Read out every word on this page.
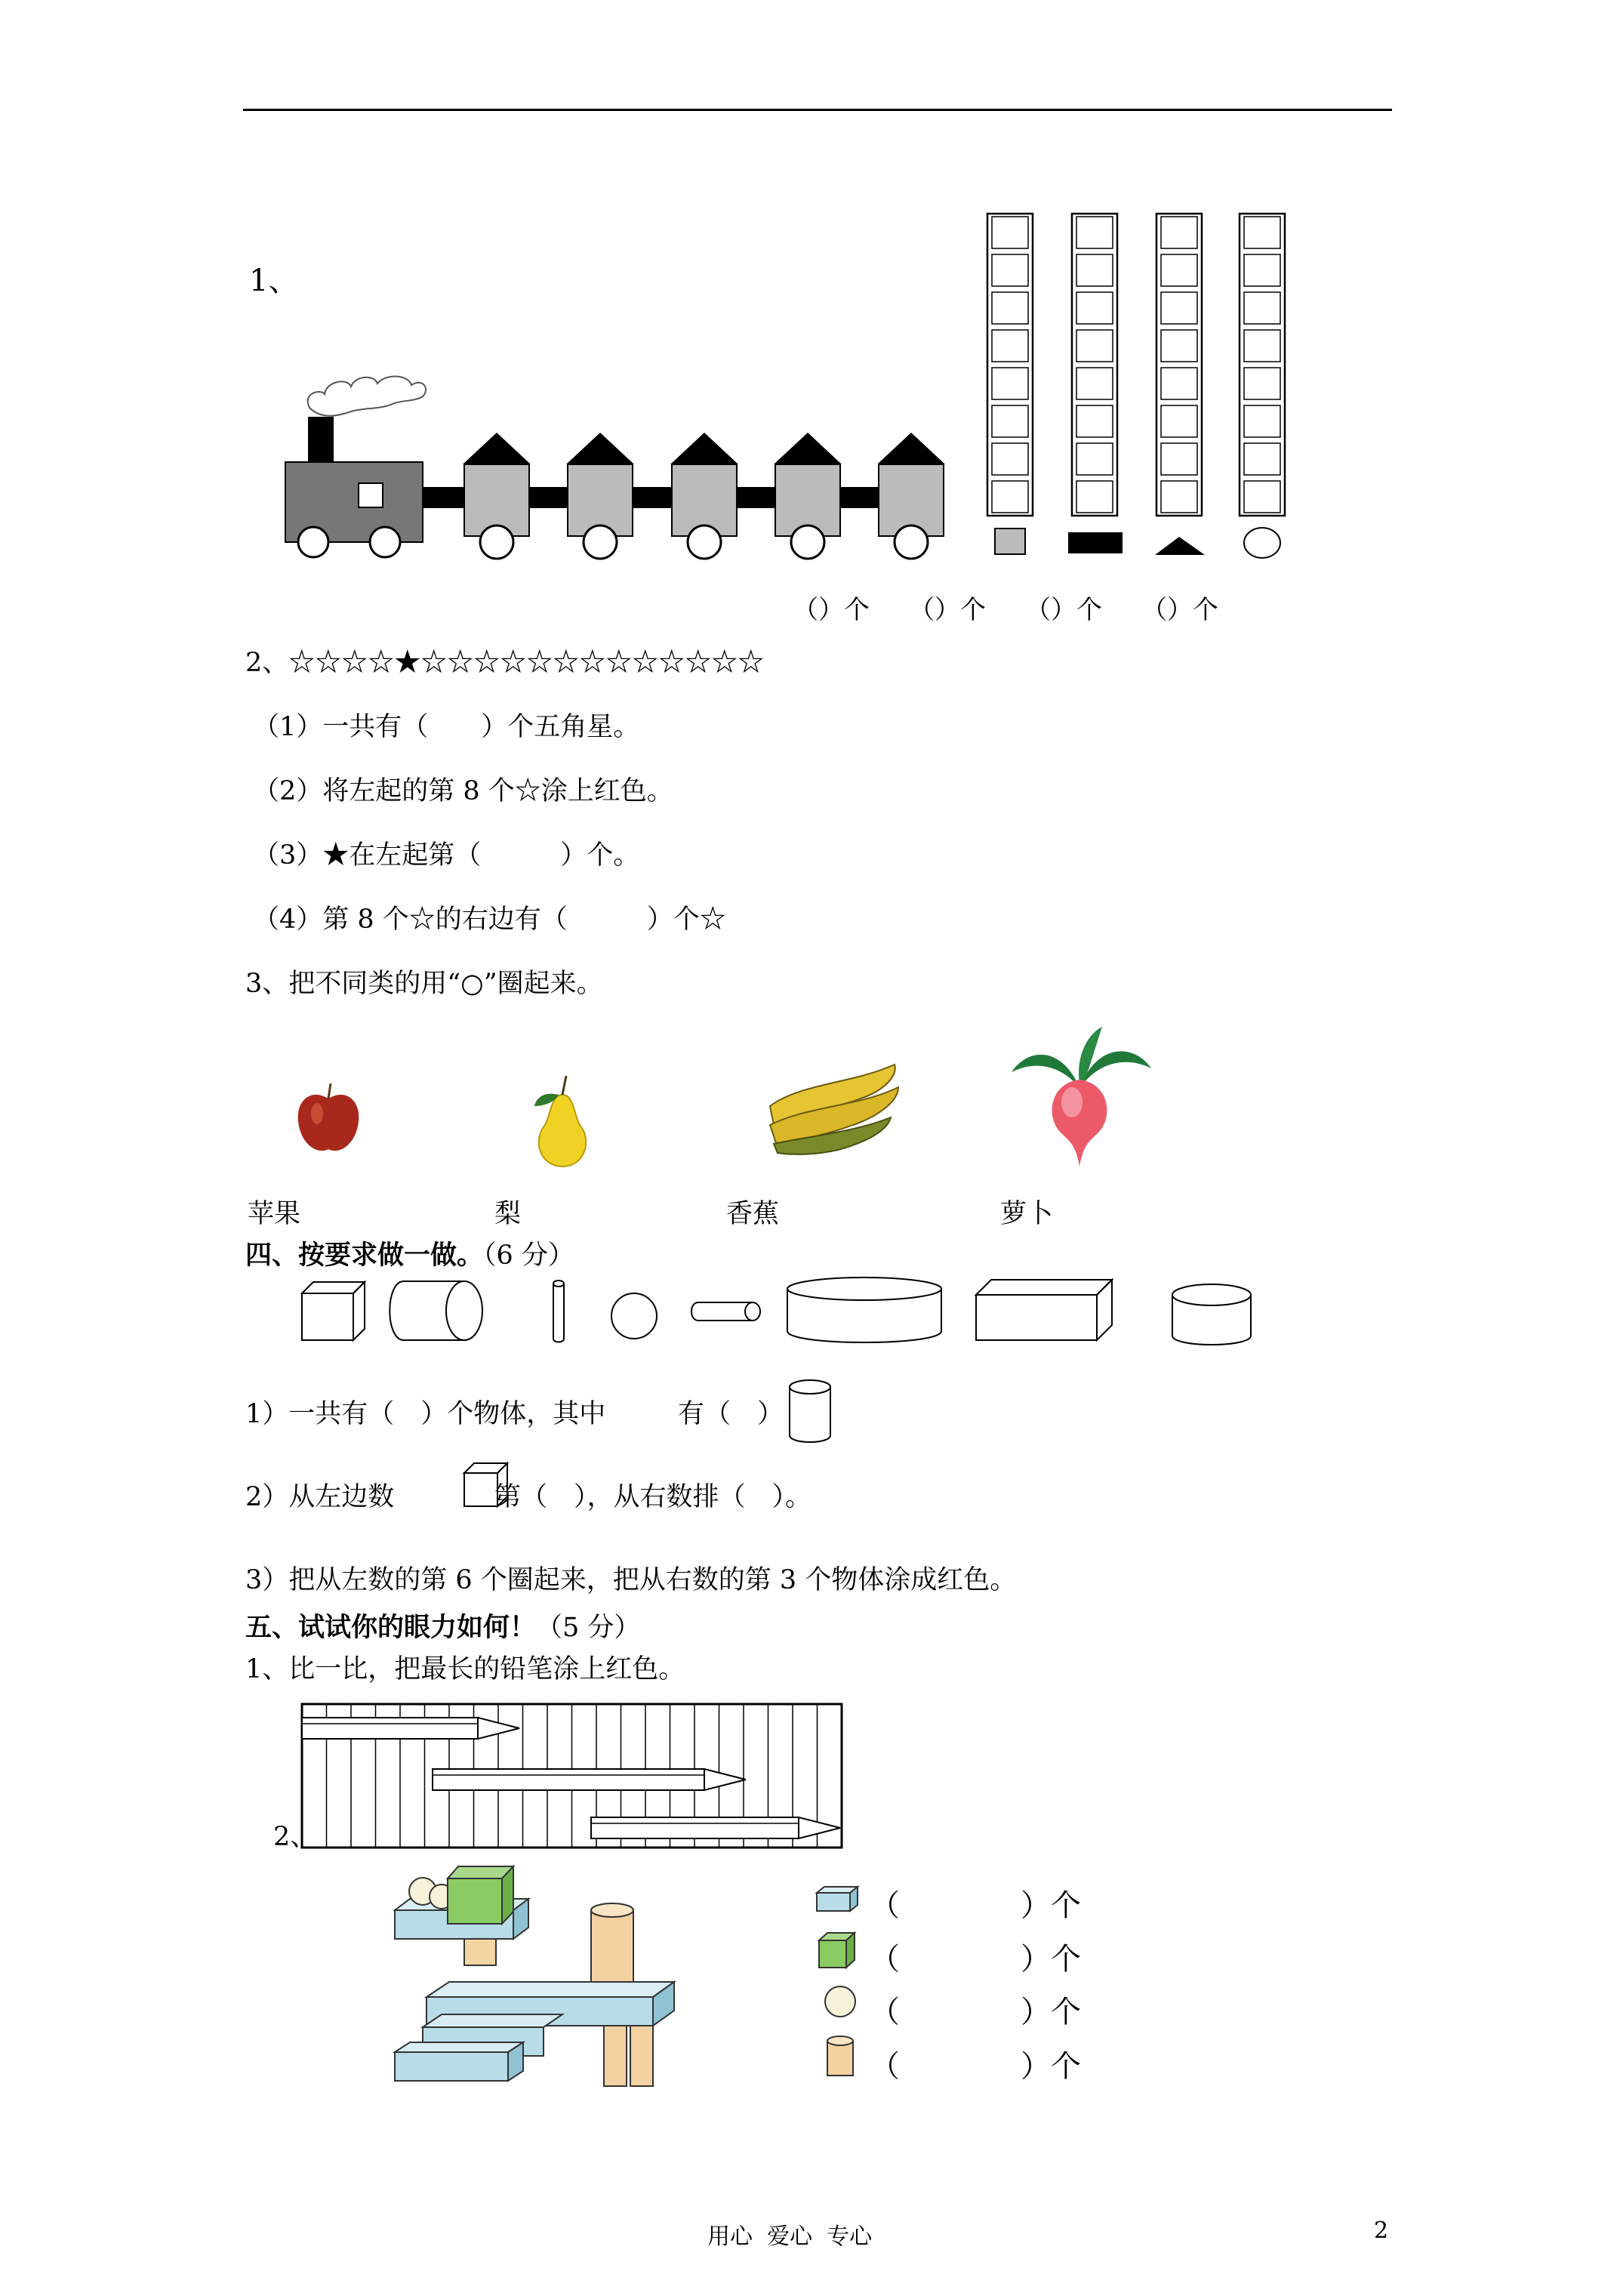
1、
（）个 （）个 （）个 （）个
2、☆☆☆☆★☆☆☆☆☆☆☆☆☆☆☆☆☆
（1）一共有（　　）个五角星。
（2）将左起的第 8 个☆涂上红色。
（3）★在左起第（　　　）个。
（4）第 8 个☆的右边有（　　　）个☆
3、把不同类的用“○”圈起来。
苹果	梨	香蕉	萝卜
四、按要求做一做。（6 分）
1）一共有（　）个物体，其中	有（　）
2）从左边数	第（　），从右数排（　）。
3）把从左数的第 6 个圈起来，把从右数的第 3 个物体涂成红色。
五、试试你的眼力如何！（5 分）
1、比一比，把最长的铅笔涂上红色。
2、
（　　　　）个
（　　　　）个
（　　　　）个
（　　　　）个
用心  爱心  专心	2
